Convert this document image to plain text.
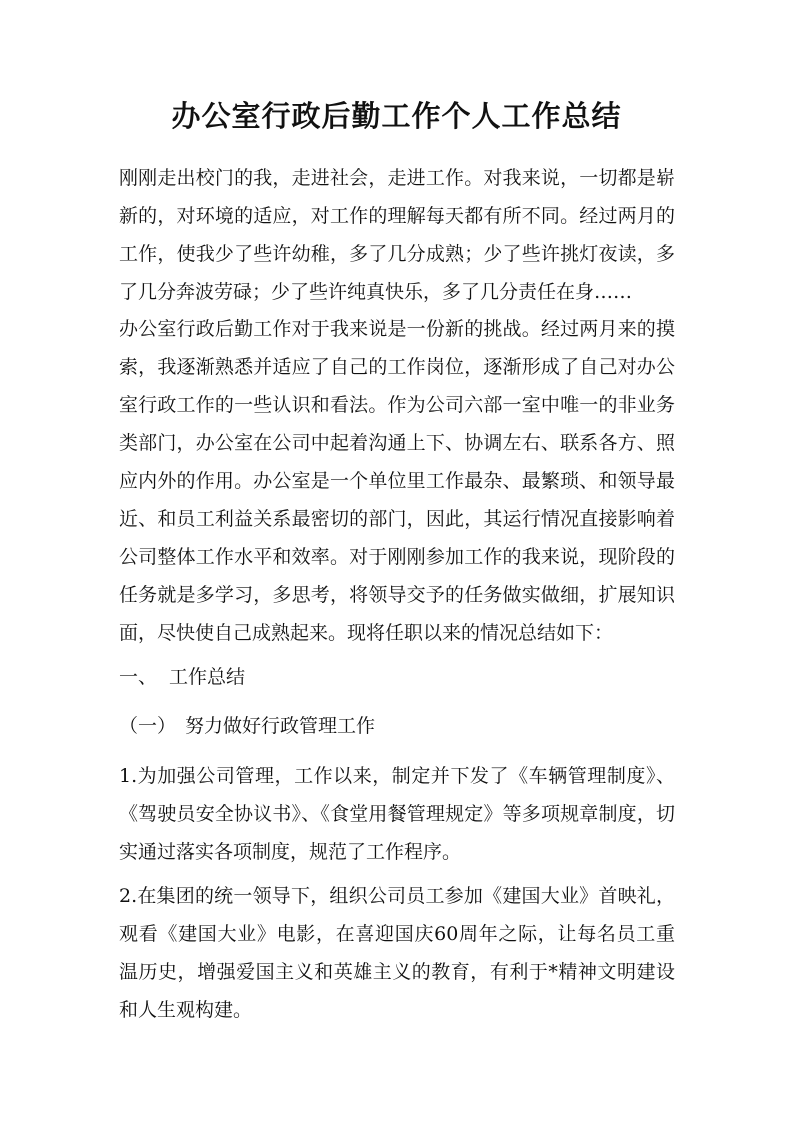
办公室行政后勤工作个人工作总结

刚刚走出校门的我，走进社会，走进工作。对我来说，一切都是崭新的，对环境的适应，对工作的理解每天都有所不同。经过两月的工作，使我少了些许幼稚，多了几分成熟；少了些许挑灯夜读，多了几分奔波劳碌；少了些许纯真快乐，多了几分责任在身……

办公室行政后勤工作对于我来说是一份新的挑战。经过两月来的摸索，我逐渐熟悉并适应了自己的工作岗位，逐渐形成了自己对办公室行政工作的一些认识和看法。作为公司六部一室中唯一的非业务类部门，办公室在公司中起着沟通上下、协调左右、联系各方、照应内外的作用。办公室是一个单位里工作最杂、最繁琐、和领导最近、和员工利益关系最密切的部门，因此，其运行情况直接影响着公司整体工作水平和效率。对于刚刚参加工作的我来说，现阶段的任务就是多学习，多思考，将领导交予的任务做实做细，扩展知识面，尽快使自己成熟起来。现将任职以来的情况总结如下：

一、 工作总结
（一） 努力做好行政管理工作

1.为加强公司管理，工作以来，制定并下发了《车辆管理制度》、《驾驶员安全协议书》、《食堂用餐管理规定》等多项规章制度，切实通过落实各项制度，规范了工作程序。

2.在集团的统一领导下，组织公司员工参加《建国大业》首映礼，观看《建国大业》电影，在喜迎国庆60周年之际，让每名员工重温历史，增强爱国主义和英雄主义的教育，有利于*精神文明建设和人生观构建。
